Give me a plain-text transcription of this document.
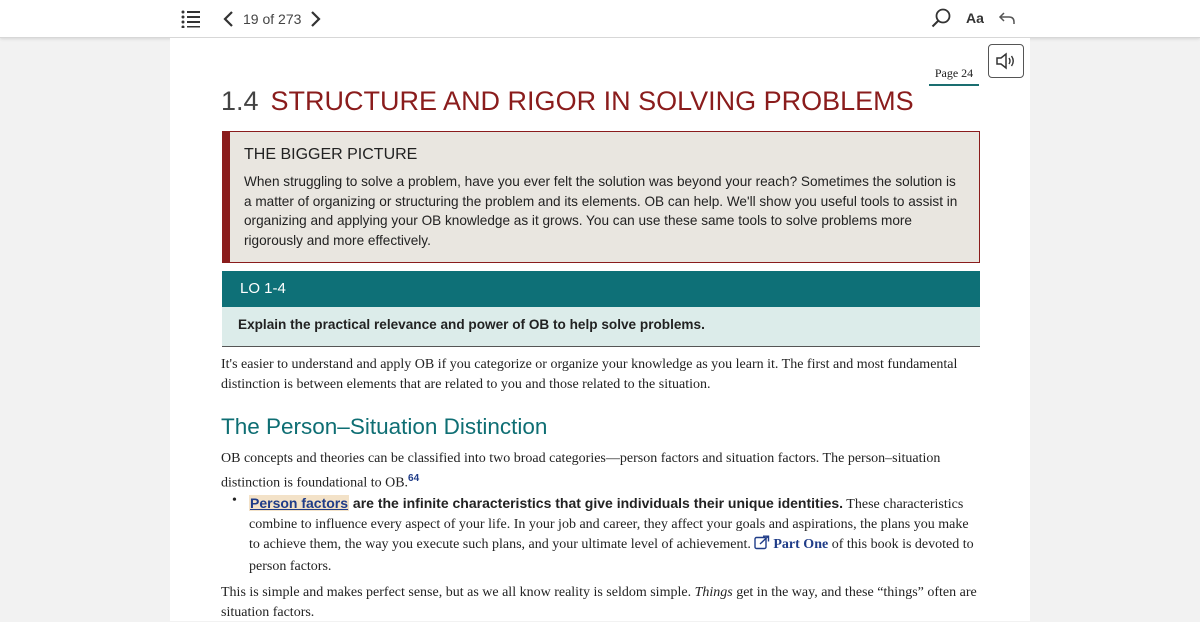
19 of 273	Aa
Page 24
1.4 STRUCTURE AND RIGOR IN SOLVING PROBLEMS
THE BIGGER PICTURE
When struggling to solve a problem, have you ever felt the solution was beyond your reach? Sometimes the solution is a matter of organizing or structuring the problem and its elements. OB can help. We'll show you useful tools to assist in organizing and applying your OB knowledge as it grows. You can use these same tools to solve problems more rigorously and more effectively.
LO 1-4
Explain the practical relevance and power of OB to help solve problems.
It's easier to understand and apply OB if you categorize or organize your knowledge as you learn it. The first and most fundamental distinction is between elements that are related to you and those related to the situation.
The Person–Situation Distinction
OB concepts and theories can be classified into two broad categories—person factors and situation factors. The person–situation distinction is foundational to OB.$^{64}$
• Person factors are the infinite characteristics that give individuals their unique identities. These characteristics combine to influence every aspect of your life. In your job and career, they affect your goals and aspirations, the plans you make to achieve them, the way you execute such plans, and your ultimate level of achievement. Part One of this book is devoted to person factors.
This is simple and makes perfect sense, but as we all know reality is seldom simple. Things get in the way, and these “things” often are situation factors.
